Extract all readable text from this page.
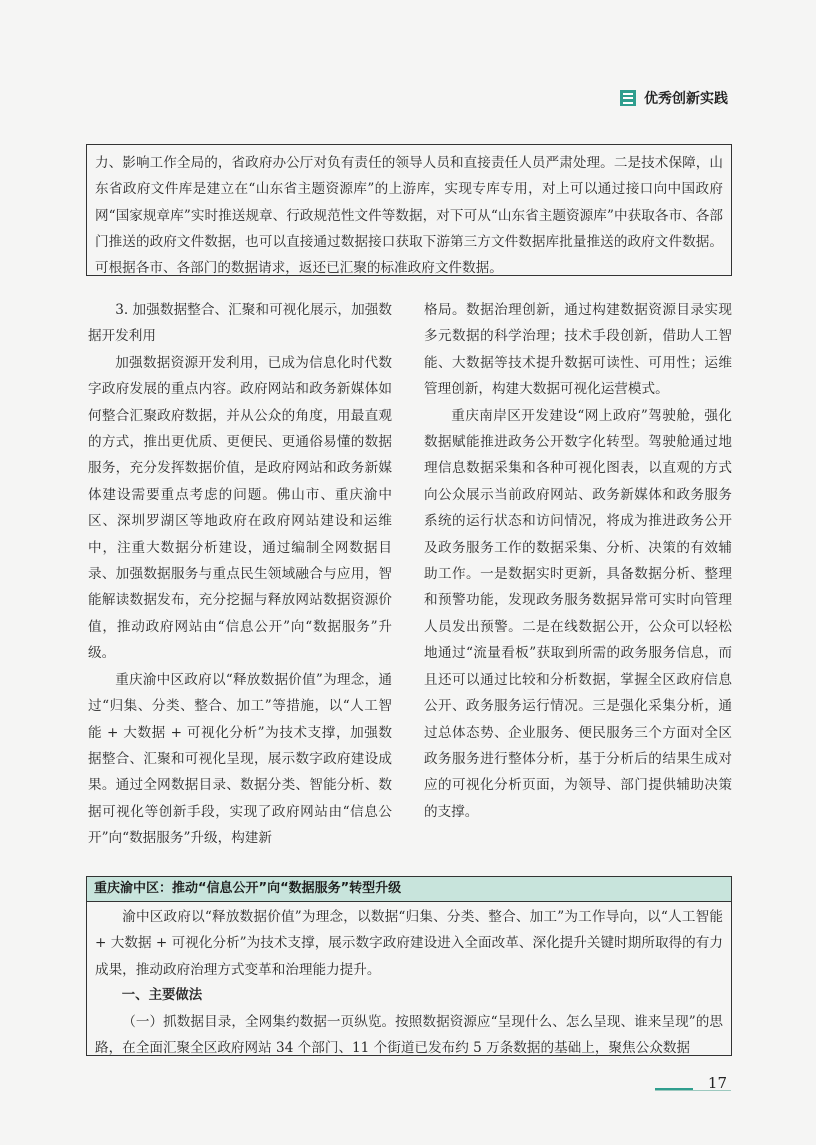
优秀创新实践

力、影响工作全局的，省政府办公厅对负有责任的领导人员和直接责任人员严肃处理。二是技术保障，山东省政府文件库是建立在“山东省主题资源库”的上游库，实现专库专用，对上可以通过接口向中国政府网“国家规章库”实时推送规章、行政规范性文件等数据，对下可从“山东省主题资源库”中获取各市、各部门推送的政府文件数据，也可以直接通过数据接口获取下游第三方文件数据库批量推送的政府文件数据。可根据各市、各部门的数据请求，返还已汇聚的标准政府文件数据。

3. 加强数据整合、汇聚和可视化展示，加强数据开发利用

加强数据资源开发利用，已成为信息化时代数字政府发展的重点内容。政府网站和政务新媒体如何整合汇聚政府数据，并从公众的角度，用最直观的方式，推出更优质、更便民、更通俗易懂的数据服务，充分发挥数据价值，是政府网站和政务新媒体建设需要重点考虑的问题。佛山市、重庆渝中区、深圳罗湖区等地政府在政府网站建设和运维中，注重大数据分析建设，通过编制全网数据目录、加强数据服务与重点民生领域融合与应用，智能解读数据发布，充分挖掘与释放网站数据资源价值，推动政府网站由“信息公开”向“数据服务”升级。

重庆渝中区政府以“释放数据价值”为理念，通过“归集、分类、整合、加工”等措施，以“人工智能 + 大数据 + 可视化分析”为技术支撑，加强数据整合、汇聚和可视化呈现，展示数字政府建设成果。通过全网数据目录、数据分类、智能分析、数据可视化等创新手段，实现了政府网站由“信息公开”向“数据服务”升级，构建新

格局。数据治理创新，通过构建数据资源目录实现多元数据的科学治理；技术手段创新，借助人工智能、大数据等技术提升数据可读性、可用性；运维管理创新，构建大数据可视化运营模式。

重庆南岸区开发建设“网上政府”驾驶舱，强化数据赋能推进政务公开数字化转型。驾驶舱通过地理信息数据采集和各种可视化图表，以直观的方式向公众展示当前政府网站、政务新媒体和政务服务系统的运行状态和访问情况，将成为推进政务公开及政务服务工作的数据采集、分析、决策的有效辅助工作。一是数据实时更新，具备数据分析、整理和预警功能，发现政务服务数据异常可实时向管理人员发出预警。二是在线数据公开，公众可以轻松地通过“流量看板”获取到所需的政务服务信息，而且还可以通过比较和分析数据，掌握全区政府信息公开、政务服务运行情况。三是强化采集分析，通过总体态势、企业服务、便民服务三个方面对全区政务服务进行整体分析，基于分析后的结果生成对应的可视化分析页面，为领导、部门提供辅助决策的支撑。

重庆渝中区：推动“信息公开”向“数据服务”转型升级

渝中区政府以“释放数据价值”为理念，以数据“归集、分类、整合、加工”为工作导向，以“人工智能 + 大数据 + 可视化分析”为技术支撑，展示数字政府建设进入全面改革、深化提升关键时期所取得的有力成果，推动政府治理方式变革和治理能力提升。

一、主要做法

（一）抓数据目录，全网集约数据一页纵览。按照数据资源应“呈现什么、怎么呈现、谁来呈现”的思路，在全面汇聚全区政府网站 34 个部门、11 个街道已发布约 5 万条数据的基础上，聚焦公众数据

17
